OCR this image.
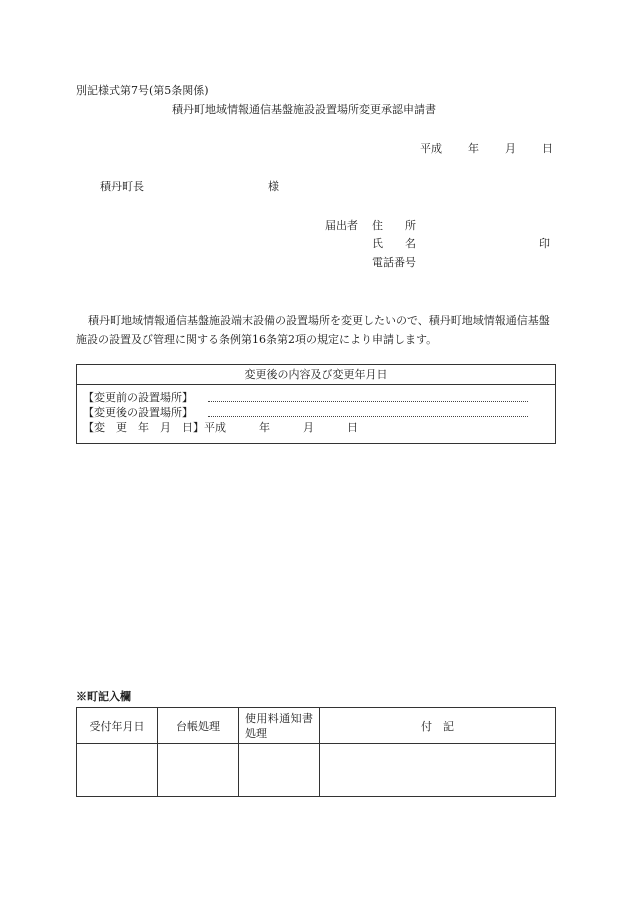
別記様式第7号(第5条関係)
積丹町地域情報通信基盤施設設置場所変更承認申請書
平成 年 月 日
積丹町長	様
届出者 住　　所
氏　　名	印
電話番号
積丹町地域情報通信基盤施設端末設備の設置場所を変更したいので、積丹町地域情報通信基盤施設の設置及び管理に関する条例第16条第2項の規定により申請します。
変更後の内容及び変更年月日
【変更前の設置場所】
【変更後の設置場所】
【変　更　年　月　日】平成　　　年　　　月　　　日
※町記入欄
受付年月日	台帳処理	使用料通知書処理	付　記
